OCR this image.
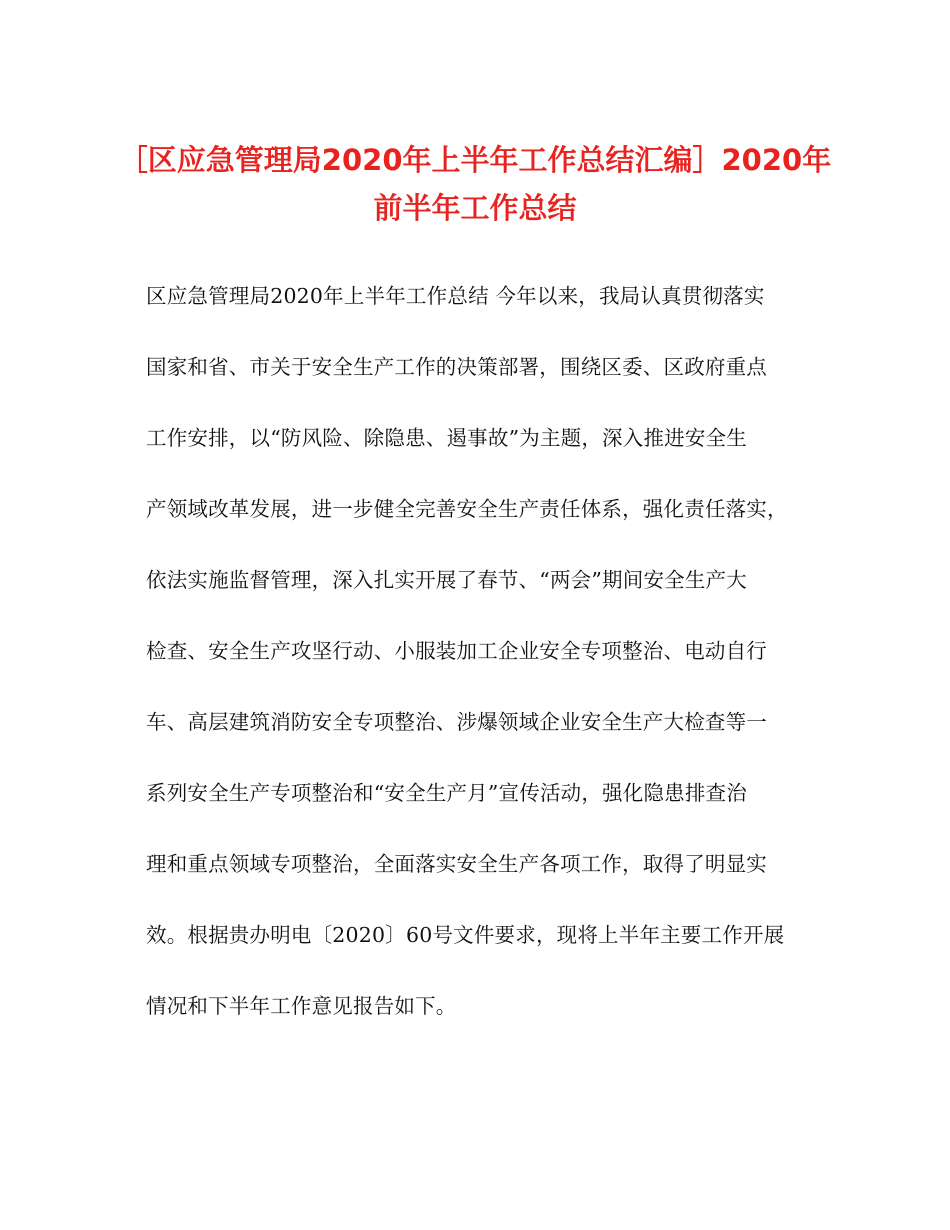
［区应急管理局2020年上半年工作总结汇编］2020年
前半年工作总结

区应急管理局2020年上半年工作总结 今年以来，我局认真贯彻落实

国家和省、市关于安全生产工作的决策部署，围绕区委、区政府重点

工作安排，以“防风险、除隐患、遏事故”为主题，深入推进安全生

产领域改革发展，进一步健全完善安全生产责任体系，强化责任落实，

依法实施监督管理，深入扎实开展了春节、“两会”期间安全生产大

检查、安全生产攻坚行动、小服装加工企业安全专项整治、电动自行

车、高层建筑消防安全专项整治、涉爆领域企业安全生产大检查等一

系列安全生产专项整治和“安全生产月”宣传活动，强化隐患排查治

理和重点领域专项整治，全面落实安全生产各项工作，取得了明显实

效。根据贵办明电〔2020〕60号文件要求，现将上半年主要工作开展

情况和下半年工作意见报告如下。
